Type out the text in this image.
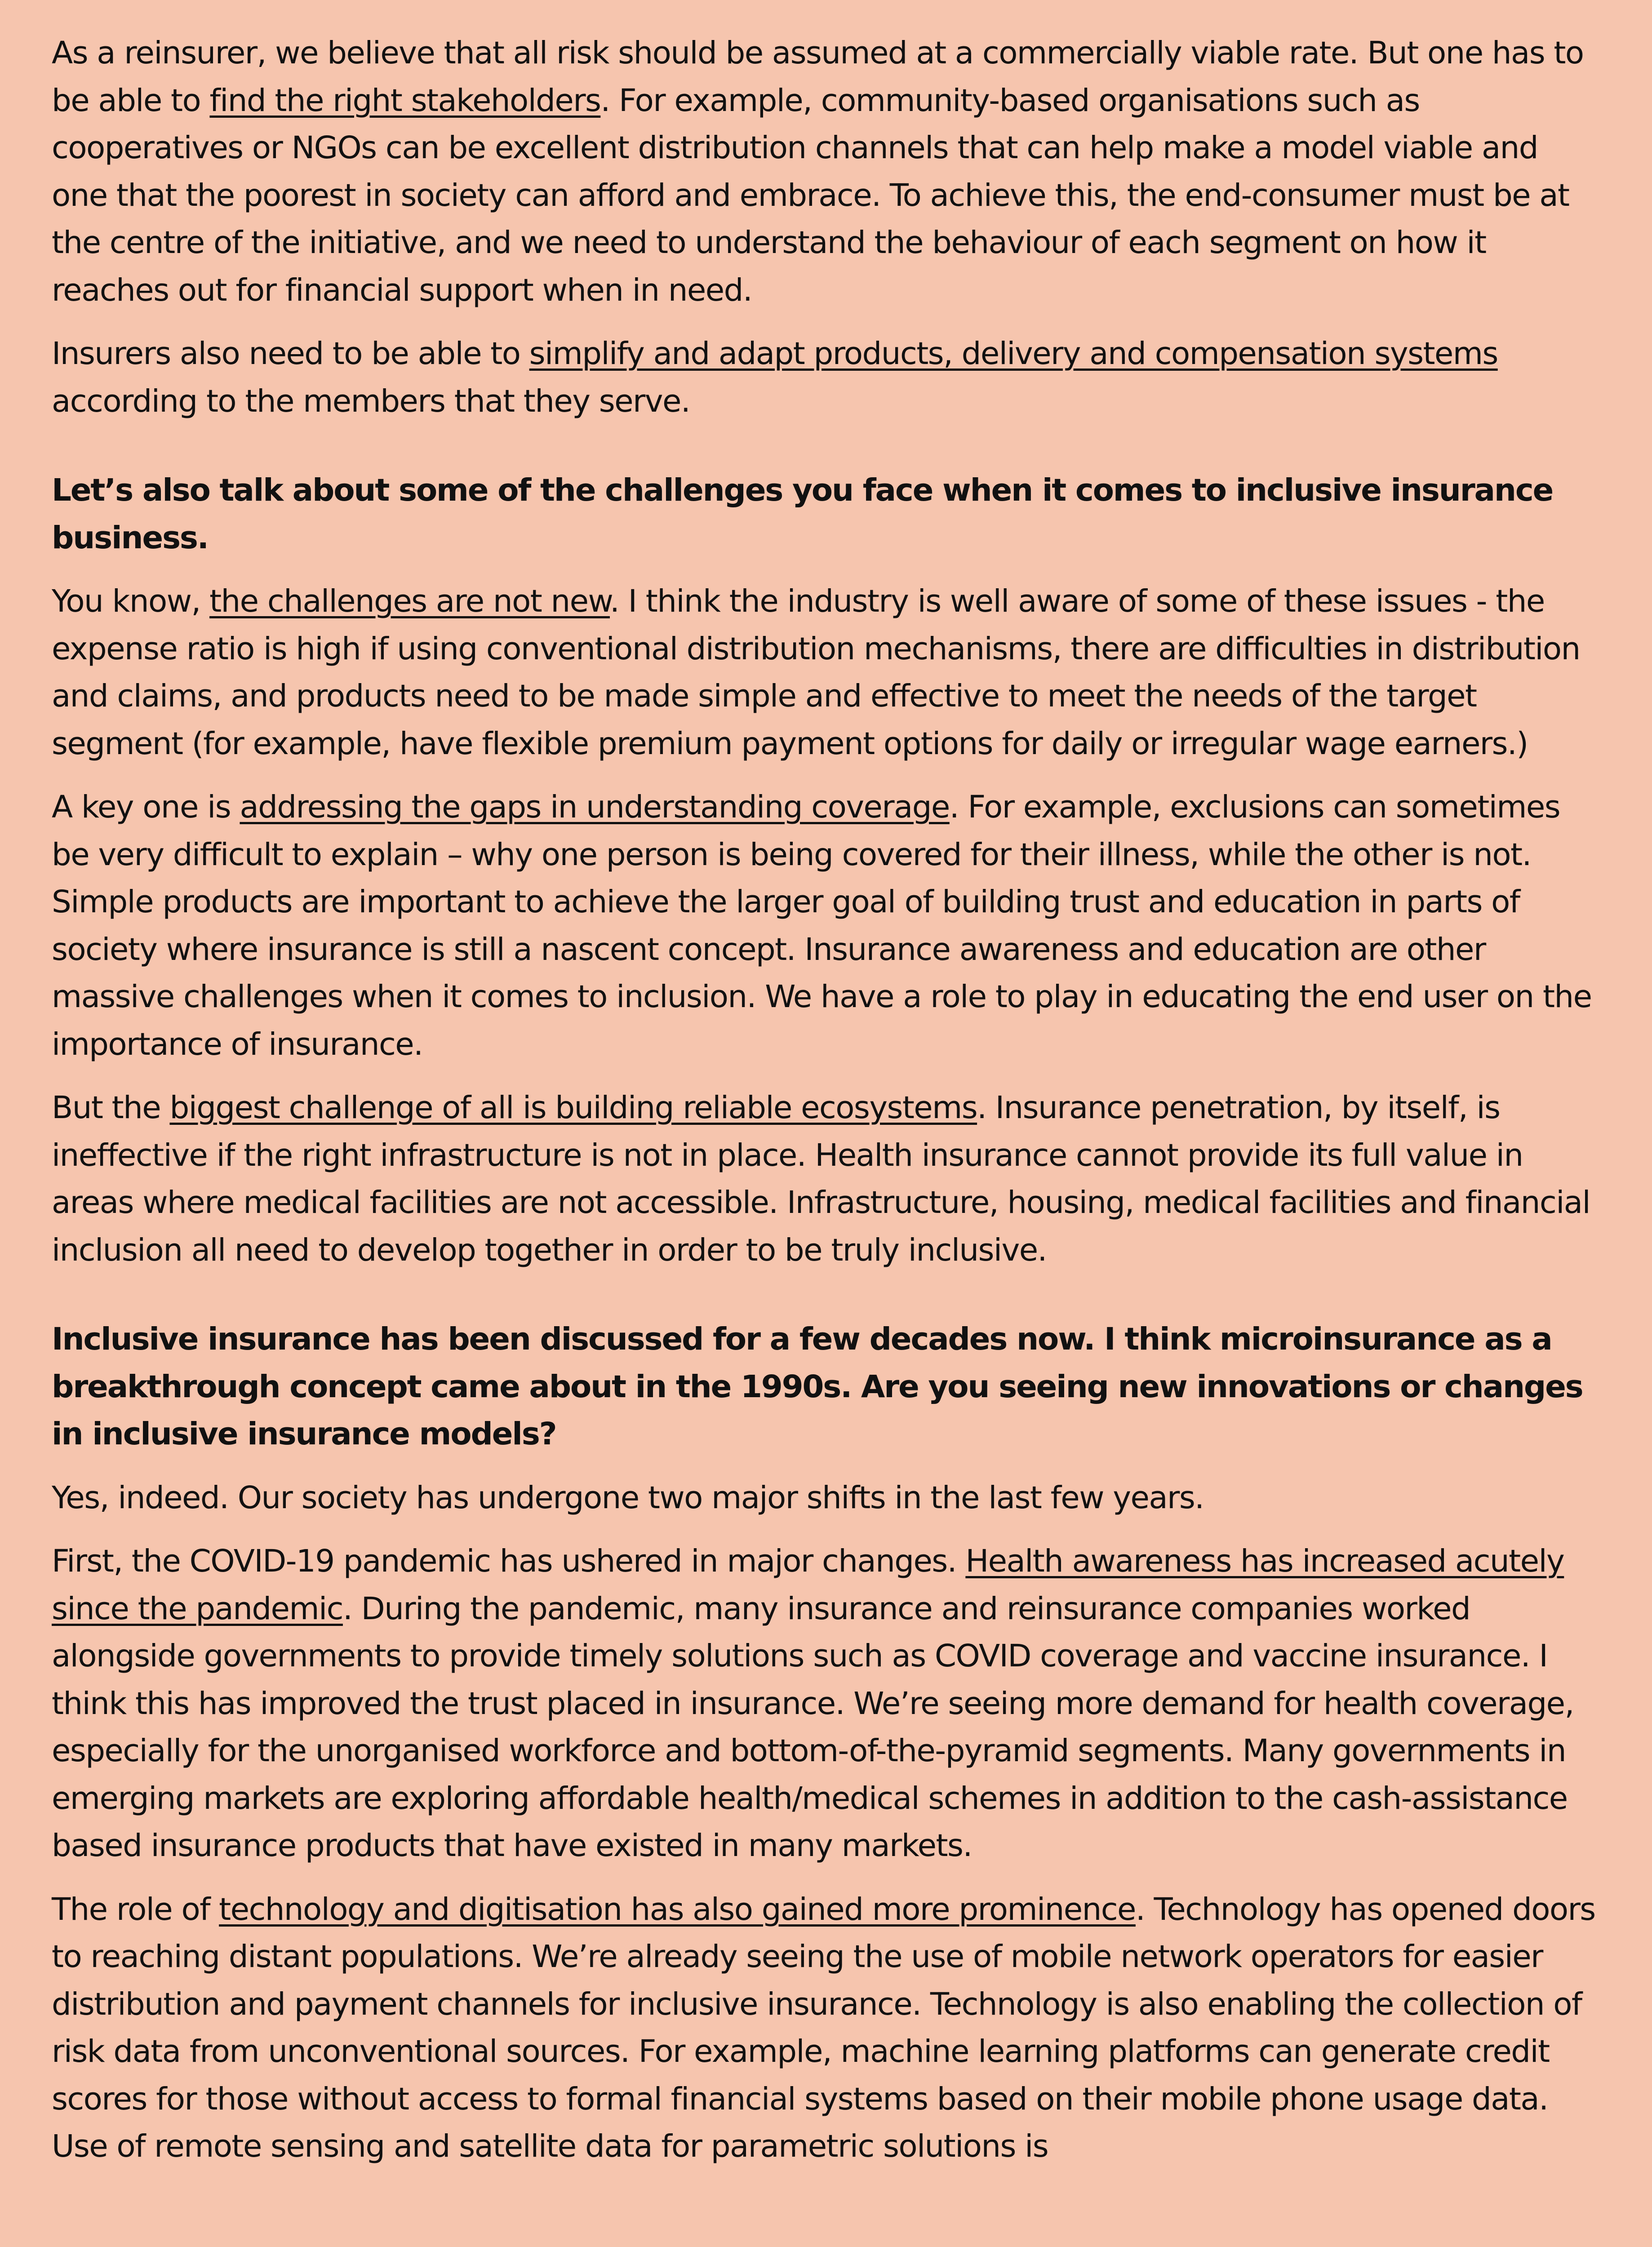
As a reinsurer, we believe that all risk should be assumed at a commercially viable rate. But one has to be able to find the right stakeholders. For example, community-based organisations such as cooperatives or NGOs can be excellent distribution channels that can help make a model viable and one that the poorest in society can afford and embrace. To achieve this, the end-consumer must be at the centre of the initiative, and we need to understand the behaviour of each segment on how it reaches out for financial support when in need.

Insurers also need to be able to simplify and adapt products, delivery and compensation systems according to the members that they serve.

Let’s also talk about some of the challenges you face when it comes to inclusive insurance business.

You know, the challenges are not new. I think the industry is well aware of some of these issues - the expense ratio is high if using conventional distribution mechanisms, there are difficulties in distribution and claims, and products need to be made simple and effective to meet the needs of the target segment (for example, have flexible premium payment options for daily or irregular wage earners.)

A key one is addressing the gaps in understanding coverage. For example, exclusions can sometimes be very difficult to explain – why one person is being covered for their illness, while the other is not. Simple products are important to achieve the larger goal of building trust and education in parts of society where insurance is still a nascent concept. Insurance awareness and education are other massive challenges when it comes to inclusion. We have a role to play in educating the end user on the importance of insurance.

But the biggest challenge of all is building reliable ecosystems. Insurance penetration, by itself, is ineffective if the right infrastructure is not in place. Health insurance cannot provide its full value in areas where medical facilities are not accessible. Infrastructure, housing, medical facilities and financial inclusion all need to develop together in order to be truly inclusive.

Inclusive insurance has been discussed for a few decades now. I think microinsurance as a breakthrough concept came about in the 1990s. Are you seeing new innovations or changes in inclusive insurance models?

Yes, indeed. Our society has undergone two major shifts in the last few years.

First, the COVID-19 pandemic has ushered in major changes. Health awareness has increased acutely since the pandemic. During the pandemic, many insurance and reinsurance companies worked alongside governments to provide timely solutions such as COVID coverage and vaccine insurance. I think this has improved the trust placed in insurance. We’re seeing more demand for health coverage, especially for the unorganised workforce and bottom-of-the-pyramid segments. Many governments in emerging markets are exploring affordable health/medical schemes in addition to the cash-assistance based insurance products that have existed in many markets.

The role of technology and digitisation has also gained more prominence. Technology has opened doors to reaching distant populations. We’re already seeing the use of mobile network operators for easier distribution and payment channels for inclusive insurance. Technology is also enabling the collection of risk data from unconventional sources. For example, machine learning platforms can generate credit scores for those without access to formal financial systems based on their mobile phone usage data. Use of remote sensing and satellite data for parametric solutions is
